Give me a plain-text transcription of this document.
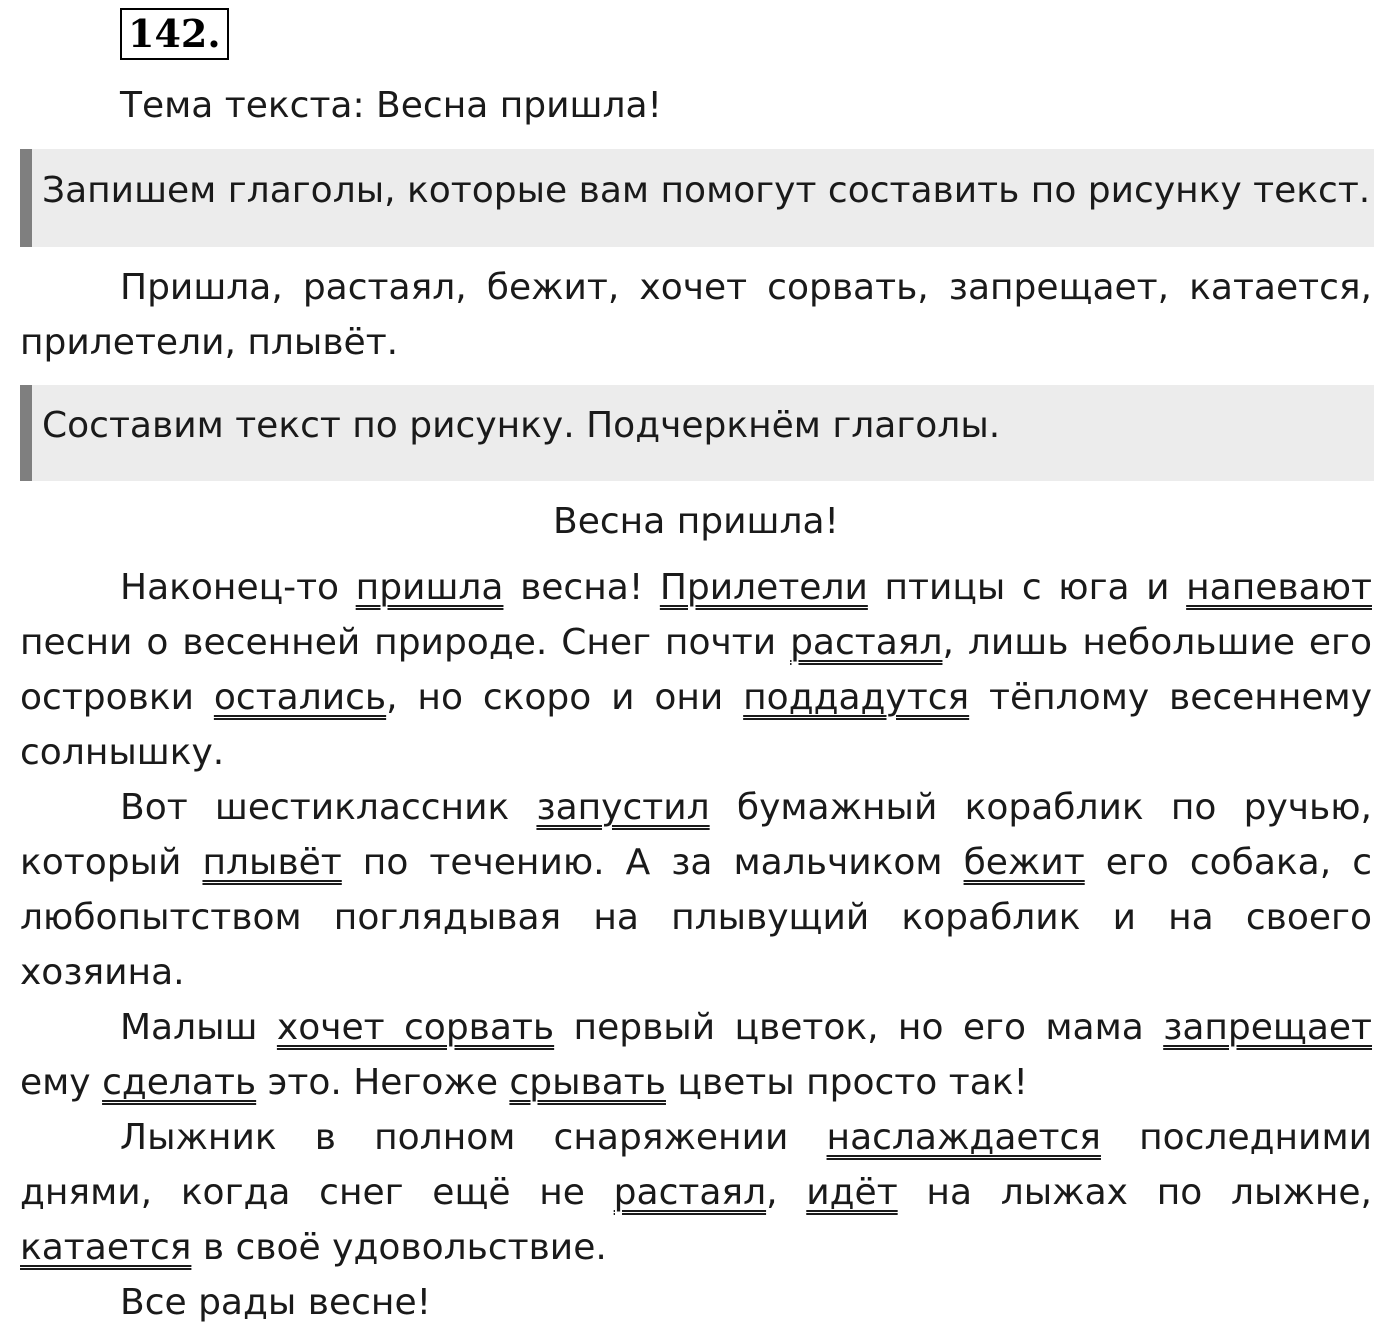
142.

Тема текста: Весна пришла!

Запишем глаголы, которые вам помогут составить по рисунку текст.

Пришла, растаял, бежит, хочет сорвать, запрещает, катается, прилетели, плывёт.

Составим текст по рисунку. Подчеркнём глаголы.
Весна пришла!

Наконец-то пришла весна! Прилетели птицы с юга и напевают песни о весенней природе. Снег почти растаял, лишь небольшие его островки остались, но скоро и они поддадутся тёплому весеннему солнышку.

Вот шестиклассник запустил бумажный кораблик по ручью, который плывёт по течению. А за мальчиком бежит его собака, с любопытством поглядывая на плывущий кораблик и на своего хозяина.

Малыш хочет сорвать первый цветок, но его мама запрещает ему сделать это. Негоже срывать цветы просто так!

Лыжник в полном снаряжении наслаждается последними днями, когда снег ещё не растаял, идёт на лыжах по лыжне, катается в своё удовольствие.

Все рады весне!
